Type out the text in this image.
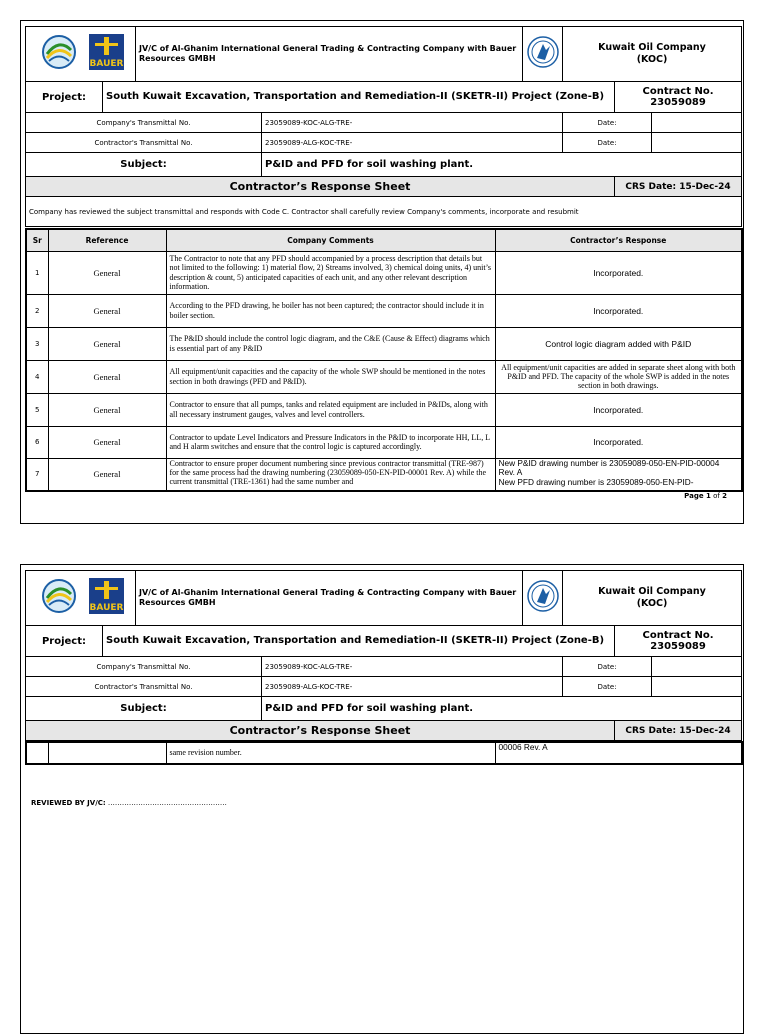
BAUER		JV/C of Al-Ghanim International General Trading & Contracting Company with Bauer Resources GMBH			Kuwait Oil Company
(KOC)		

Project:	South Kuwait Excavation, Transportation and Remediation-II (SKETR-II) Project (Zone-B)					Contract No. 23059089	
Company's Transmittal No.			23059089-KOC-ALG-TRE-		Date:		
Contractor's Transmittal No.			23059089-ALG-KOC-TRE-		Date:		
Subject:			P&ID and PFD for soil washing plant.				
Contractor’s Response Sheet						CRS Date: 15-Dec-24	
Company has reviewed the subject transmittal and responds with Code C. Contractor shall carefully review Company's comments, incorporate and resubmit							
Sr	Reference	Company Comments	Contractor’s Response
1	General	The Contractor to note that any PFD should accompanied by a process description that details but not limited to the following: 1) material flow, 2) Streams involved, 3) chemical doing units, 4) unit’s description & count, 5) anticipated capacities of each unit, and any other relevant description information.	Incorporated.
2	General	According to the PFD drawing, he boiler has not been captured; the contractor should include it in boiler section.	Incorporated.
3	General	The P&ID should include the control logic diagram, and the C&E (Cause & Effect) diagrams which is essential part of any P&ID	Control logic diagram added with P&ID
4	General	All equipment/unit capacities and the capacity of the whole SWP should be mentioned in the notes section in both drawings (PFD and P&ID).	All equipment/unit capacities are added in separate sheet along with both P&ID and PFD. The capacity of the whole SWP is added in the notes section in both drawings.
5	General	Contractor to ensure that all pumps, tanks and related equipment are included in P&IDs, along with all necessary instrument gauges, valves and level controllers.	Incorporated.
6	General	Contractor to update Level Indicators and Pressure Indicators in the P&ID to incorporate HH, LL, L and H alarm switches and ensure that the control logic is captured accordingly.	Incorporated.
7	General	Contractor to ensure proper document numbering since previous contractor transmittal (TRE-987) for the same process had the drawing numbering (23059089-050-EN-PID-00001 Rev. A) while the current transmittal (TRE-1361) had the same number and	New P&ID drawing number is 23059089-050-EN-PID-00004 Rev. A
New PFD drawing number is 23059089-050-EN-PID-
Page 1 of 2
BAUER		JV/C of Al-Ghanim International General Trading & Contracting Company with Bauer Resources GMBH			Kuwait Oil Company
(KOC)		

Project:	South Kuwait Excavation, Transportation and Remediation-II (SKETR-II) Project (Zone-B)					Contract No. 23059089	
Company's Transmittal No.			23059089-KOC-ALG-TRE-		Date:		
Contractor's Transmittal No.			23059089-ALG-KOC-TRE-		Date:		
Subject:			P&ID and PFD for soil washing plant.				
Contractor’s Response Sheet						CRS Date: 15-Dec-24	
		same revision number.	00006 Rev. A
REVIEWED BY JV/C: ……………………………………………
